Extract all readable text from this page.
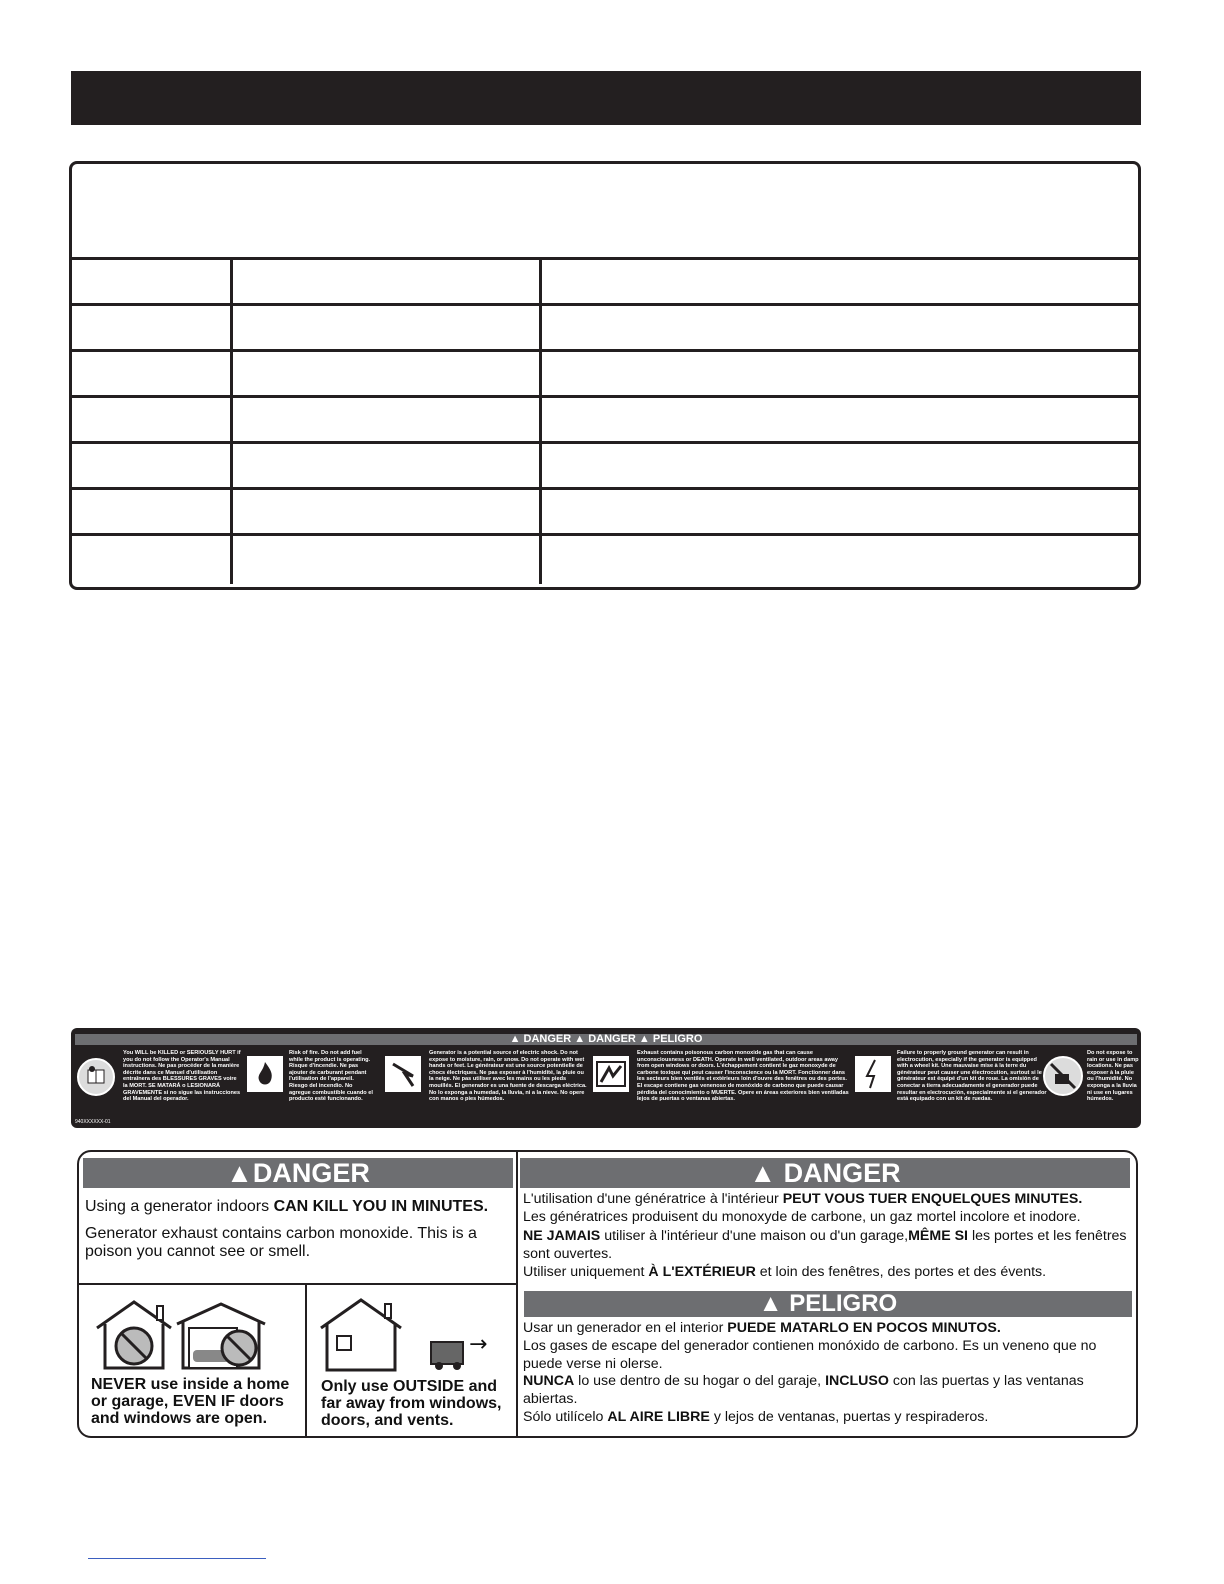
▲ DANGER ▲ DANGER ▲ PELIGRO
You WILL be KILLED or SERIOUSLY HURT if you do not follow the Operator's Manual instructions. Ne pas procéder de la manière décrite dans ce Manuel d'utilisation entraînera des BLESSURES GRAVES voire la MORT. SE MATARÁ o LESIONARÁ GRAVEMENTE si no sigue las instrucciones del Manual del operador.
Risk of fire. Do not add fuel while the product is operating. Risque d'incendie. Ne pas ajouter de carburant pendant l'utilisation de l'appareil. Riesgo del incendio. No agregue combustible cuando el producto esté funcionando.
Generator is a potential source of electric shock. Do not expose to moisture, rain, or snow. Do not operate with wet hands or feet. Le générateur est une source potentielle de chocs électriques. Ne pas exposer à l'humidité, la pluie ou la neige. Ne pas utiliser avec les mains ou les pieds mouillés. El generador es una fuente de descarga eléctrica. No lo exponga a humedad, la lluvia, ni a la nieve. No opere con manos o pies húmedos.
Exhaust contains poisonous carbon monoxide gas that can cause unconsciousness or DEATH. Operate in well ventilated, outdoor areas away from open windows or doors. L'échappement contient le gaz monoxyde de carbone toxique qui peut causer l'inconscience ou la MORT. Fonctionner dans les secteurs bien ventilés et extérieurs loin d'ouvre des fenêtres ou des portes. El escape contiene gas venenoso de monóxido de carbono que puede causar pérdida del conocimiento o MUERTE. Opere en áreas exteriores bien ventiladas lejos de puertas o ventanas abiertas.
Failure to properly ground generator can result in electrocution, especially if the generator is equipped with a wheel kit. Une mauvaise mise à la terre du générateur peut causer une électrocution, surtout si le générateur est équipé d'un kit de roue. La omisión de conectar a tierra adecuadamente el generador puede resultar en electrocución, especialmente si el generador está equipado con un kit de ruedas.
Do not expose to rain or use in damp locations. Ne pas exposer à la pluie ou l'humidité. No exponga a la lluvia ni use en lugares húmedos.
940XXXXXX-01
▲DANGER

Using a generator indoors CAN KILL YOU IN MINUTES.

Generator exhaust contains carbon monoxide. This is a poison you cannot see or smell.

▲ DANGER

L'utilisation d'une génératrice à l'intérieur PEUT VOUS TUER ENQUELQUES MINUTES.

Les génératrices produisent du monoxyde de carbone, un gaz mortel incolore et inodore.

NE JAMAIS utiliser à l'intérieur d'une maison ou d'un garage,MÊME SI les portes et les fenêtres sont ouvertes.

Utiliser uniquement À L'EXTÉRIEUR et loin des fenêtres, des portes et des évents.

▲ PELIGRO

Usar un generador en el interior PUEDE MATARLO EN POCOS MINUTOS.

Los gases de escape del generador contienen monóxido de carbono. Es un veneno que no puede verse ni olerse.

NUNCA lo use dentro de su hogar o del garaje, INCLUSO con las puertas y las ventanas abiertas.

Sólo utilícelo AL AIRE LIBRE y lejos de ventanas, puertas y respiraderos.

NEVER use inside a home or garage, EVEN IF doors and windows are open.
→
Only use OUTSIDE and far away from windows, doors, and vents.
